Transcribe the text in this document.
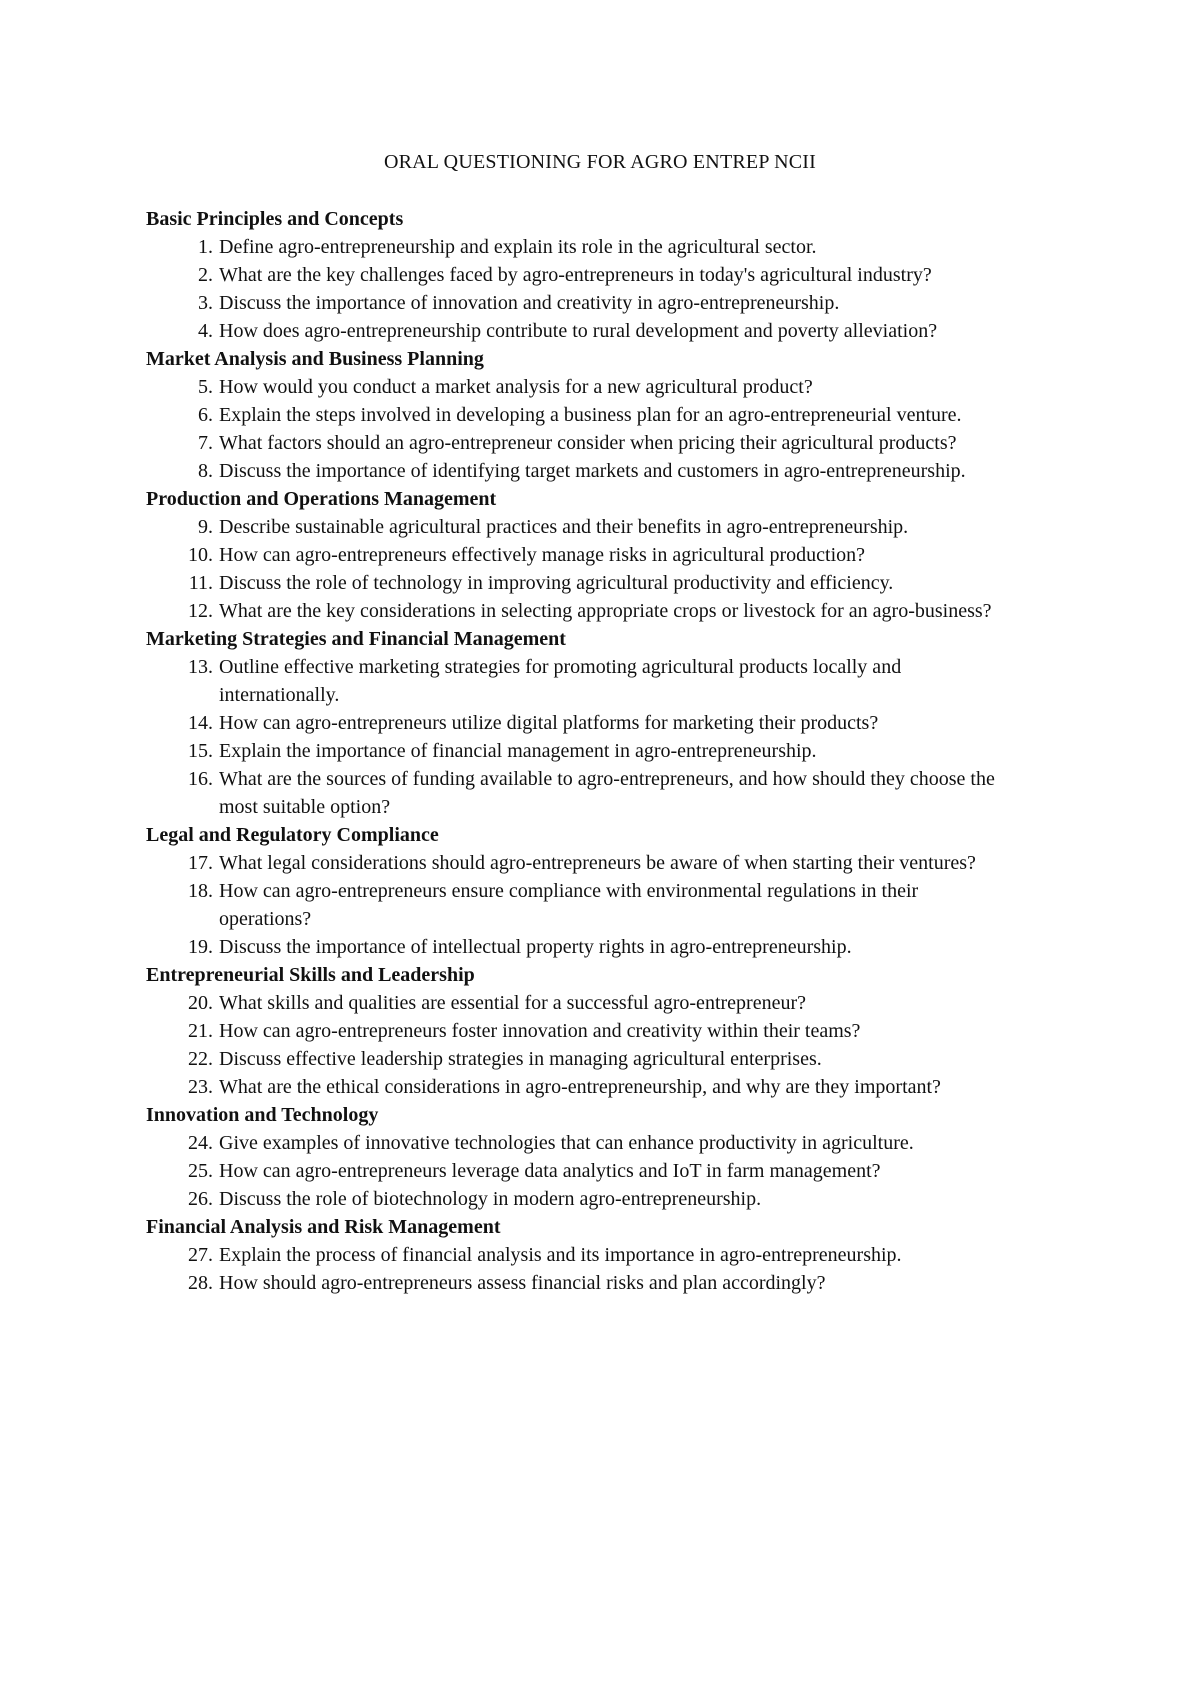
ORAL QUESTIONING FOR AGRO ENTREP NCII
Basic Principles and Concepts
1. Define agro-entrepreneurship and explain its role in the agricultural sector.
2. What are the key challenges faced by agro-entrepreneurs in today's agricultural industry?
3. Discuss the importance of innovation and creativity in agro-entrepreneurship.
4. How does agro-entrepreneurship contribute to rural development and poverty alleviation?
Market Analysis and Business Planning
5. How would you conduct a market analysis for a new agricultural product?
6. Explain the steps involved in developing a business plan for an agro-entrepreneurial venture.
7. What factors should an agro-entrepreneur consider when pricing their agricultural products?
8. Discuss the importance of identifying target markets and customers in agro-entrepreneurship.
Production and Operations Management
9. Describe sustainable agricultural practices and their benefits in agro-entrepreneurship.
10. How can agro-entrepreneurs effectively manage risks in agricultural production?
11. Discuss the role of technology in improving agricultural productivity and efficiency.
12. What are the key considerations in selecting appropriate crops or livestock for an agro-business?
Marketing Strategies and Financial Management
13. Outline effective marketing strategies for promoting agricultural products locally and internationally.
14. How can agro-entrepreneurs utilize digital platforms for marketing their products?
15. Explain the importance of financial management in agro-entrepreneurship.
16. What are the sources of funding available to agro-entrepreneurs, and how should they choose the most suitable option?
Legal and Regulatory Compliance
17. What legal considerations should agro-entrepreneurs be aware of when starting their ventures?
18. How can agro-entrepreneurs ensure compliance with environmental regulations in their operations?
19. Discuss the importance of intellectual property rights in agro-entrepreneurship.
Entrepreneurial Skills and Leadership
20. What skills and qualities are essential for a successful agro-entrepreneur?
21. How can agro-entrepreneurs foster innovation and creativity within their teams?
22. Discuss effective leadership strategies in managing agricultural enterprises.
23. What are the ethical considerations in agro-entrepreneurship, and why are they important?
Innovation and Technology
24. Give examples of innovative technologies that can enhance productivity in agriculture.
25. How can agro-entrepreneurs leverage data analytics and IoT in farm management?
26. Discuss the role of biotechnology in modern agro-entrepreneurship.
Financial Analysis and Risk Management
27. Explain the process of financial analysis and its importance in agro-entrepreneurship.
28. How should agro-entrepreneurs assess financial risks and plan accordingly?
